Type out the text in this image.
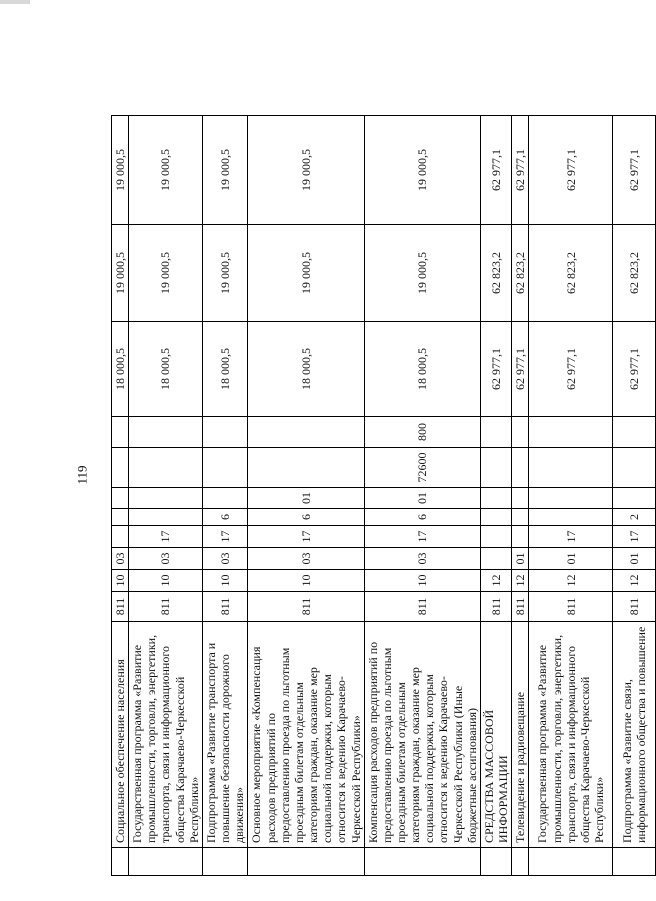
119
	Социальное обеспечение населения	811	10	03						18 000,5	19 000,5	19 000,5
	Государственная программа «Развитие промышленности, торговли, энергетики, транспорта, связи и информационного общества Карачаево-Черкесской Республики»	811	10	03	17					18 000,5	19 000,5	19 000,5
	Подпрограмма «Развитие транспорта и повышение безопасности дорожного движения»	811	10	03	17	6				18 000,5	19 000,5	19 000,5
	Основное мероприятие «Компенсация расходов предприятий по предоставлению проезда по льготным проездным билетам отдельным категориям граждан, оказание мер социальной поддержки, которым относится к ведению Карачаево-Черкесской Республики»	811	10	03	17	6	01			18 000,5	19 000,5	19 000,5
	Компенсация расходов предприятий по предоставлению проезда по льготным проездным билетам отдельным категориям граждан, оказание мер социальной поддержки, которым относится к ведению Карачаево-Черкесской Республики (Иные бюджетные ассигнования)	811	10	03	17	6	01	72600	800	18 000,5	19 000,5	19 000,5
	СРЕДСТВА МАССОВОЙ ИНФОРМАЦИИ	811	12							62 977,1	62 823,2	62 977,1
	Телевидение и радиовещание	811	12	01						62 977,1	62 823,2	62 977,1
	Государственная программа «Развитие промышленности, торговли, энергетики, транспорта, связи и информационного общества Карачаево-Черкесской Республики»	811	12	01	17					62 977,1	62 823,2	62 977,1
	Подпрограмма «Развитие связи, информационного общества и повышение	811	12	01	17	2				62 977,1	62 823,2	62 977,1
